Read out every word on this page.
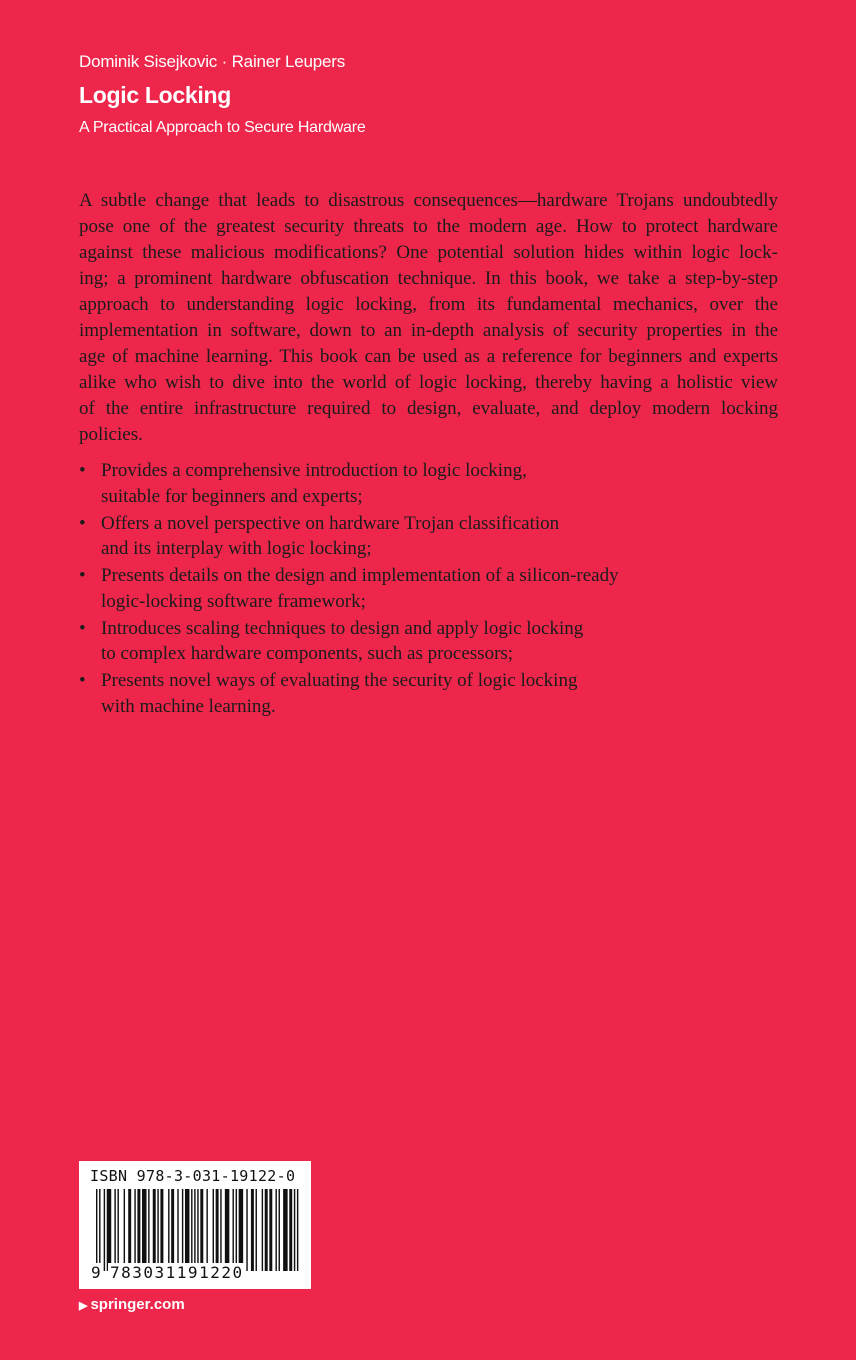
Dominik Sisejkovic · Rainer Leupers
Logic Locking
A Practical Approach to Secure Hardware
A subtle change that leads to disastrous consequences—hardware Trojans undoubtedly
pose one of the greatest security threats to the modern age. How to protect hardware
against these malicious modifications? One potential solution hides within logic lock-
ing; a prominent hardware obfuscation technique. In this book, we take a step-by-step
approach to understanding logic locking, from its fundamental mechanics, over the
implementation in software, down to an in-depth analysis of security properties in the
age of machine learning. This book can be used as a reference for beginners and experts
alike who wish to dive into the world of logic locking, thereby having a holistic view
of the entire infrastructure required to design, evaluate, and deploy modern locking
policies.
• Provides a comprehensive introduction to logic locking,
suitable for beginners and experts;
• Offers a novel perspective on hardware Trojan classification
and its interplay with logic locking;
• Presents details on the design and implementation of a silicon-ready
logic-locking software framework;
• Introduces scaling techniques to design and apply logic locking
to complex hardware components, such as processors;
• Presents novel ways of evaluating the security of logic locking
with machine learning.
ISBN 978-3-031-19122-0
9 783031191220
▶ springer.com
